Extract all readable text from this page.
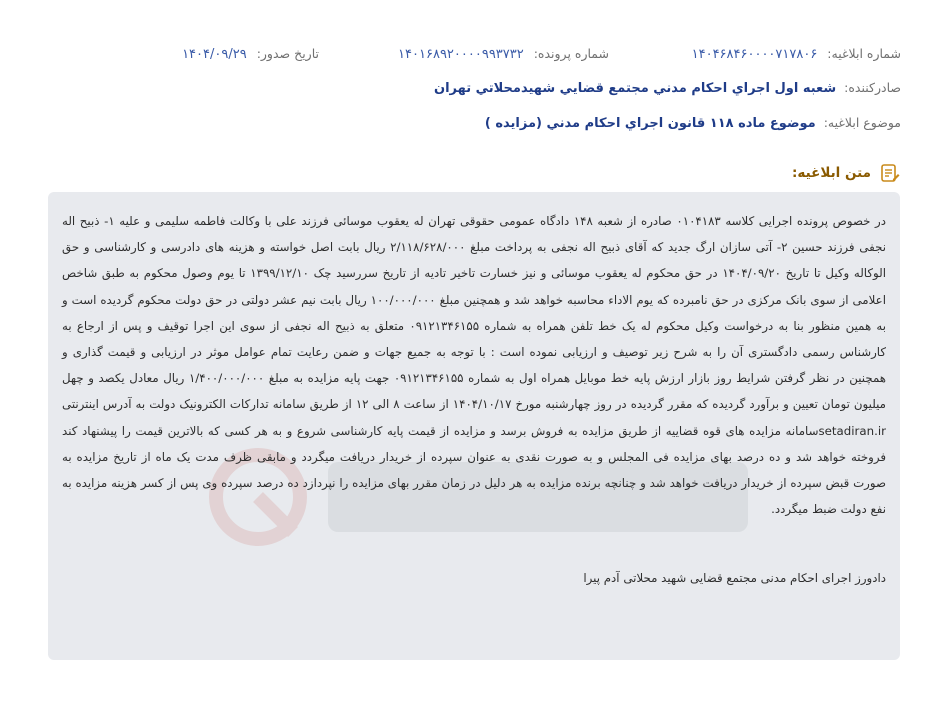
شماره ابلاغیه: ۱۴۰۴۶۸۴۶۰۰۰۰۷۱۷۸۰۶
شماره پرونده: ۱۴۰۱۶۸۹۲۰۰۰۰۹۹۳۷۳۲
تاریخ صدور: ۱۴۰۴/۰۹/۲۹
صادرکننده: شعبه اول اجراي احكام مدني مجتمع قضايي شهيدمحلاتي تهران
موضوع ابلاغیه: موضوع ماده ۱۱۸ قانون اجراي احكام مدني (مزايده )
متن ابلاغیه:

در خصوص پرونده اجرایی کلاسه ۰۱۰۴۱۸۳ صادره از شعبه ۱۴۸ دادگاه عمومی حقوقی تهران له یعقوب موسائی فرزند علی با وکالت فاطمه سلیمی و علیه ۱- ذبیح اله نجفی فرزند حسین ۲- آتی سازان ارگ جدید که آقای ذبیح اله نجفی به پرداخت مبلغ ۲/۱۱۸/۶۲۸/۰۰۰ ریال بابت اصل خواسته و هزینه های دادرسی و کارشناسی و حق الوکاله وکیل تا تاریخ ۱۴۰۴/۰۹/۲۰ در حق محکوم له یعقوب موسائی و نیز خسارت تاخیر تادیه از تاریخ سررسید چک ۱۳۹۹/۱۲/۱۰ تا یوم وصول محکوم به طبق شاخص اعلامی از سوی بانک مرکزی در حق نامبرده که یوم الاداء محاسبه خواهد شد و همچنین مبلغ ۱۰۰/۰۰۰/۰۰۰ ریال بابت نیم عشر دولتی در حق دولت محکوم گردیده است و به همین منظور بنا به درخواست وکیل محکوم له یک خط تلفن همراه به شماره ۰۹۱۲۱۳۴۶۱۵۵ متعلق به ذبیح اله نجفی از سوی این اجرا توقیف و پس از ارجاع به کارشناس رسمی دادگستری آن را به شرح زیر توصیف و ارزیابی نموده است : با توجه به جمیع جهات و ضمن رعایت تمام عوامل موثر در ارزیابی و قیمت گذاری و همچنین در نظر گرفتن شرایط روز بازار ارزش پایه خط موبایل همراه اول به شماره ۰۹۱۲۱۳۴۶۱۵۵ جهت پایه مزایده به مبلغ ۱/۴۰۰/۰۰۰/۰۰۰ ریال معادل یکصد و چهل میلیون تومان تعیین و برآورد گردیده که مقرر گردیده در روز چهارشنبه مورخ ۱۴۰۴/۱۰/۱۷ از ساعت ۸ الی ۱۲ از طریق سامانه تدارکات الکترونیک دولت به آدرس اینترنتی setadiran.irسامانه مزایده های قوه قضاییه از طریق مزایده به فروش برسد و مزایده از قیمت پایه کارشناسی شروع و به هر کسی که بالاترین قیمت را پیشنهاد کند فروخته خواهد شد و ده درصد بهای مزایده فی المجلس و به صورت نقدی به عنوان سپرده از خریدار دریافت میگردد و مابقی ظرف مدت یک ماه از تاریخ مزایده به صورت قبض سپرده از خریدار دریافت خواهد شد و چنانچه برنده مزایده به هر دلیل در زمان مقرر بهای مزایده را نپردازد ده درصد سپرده وی پس از کسر هزینه مزایده به نفع دولت ضبط میگردد.

دادورز اجرای احکام مدنی مجتمع قضایی شهید محلاتی آدم پیرا
